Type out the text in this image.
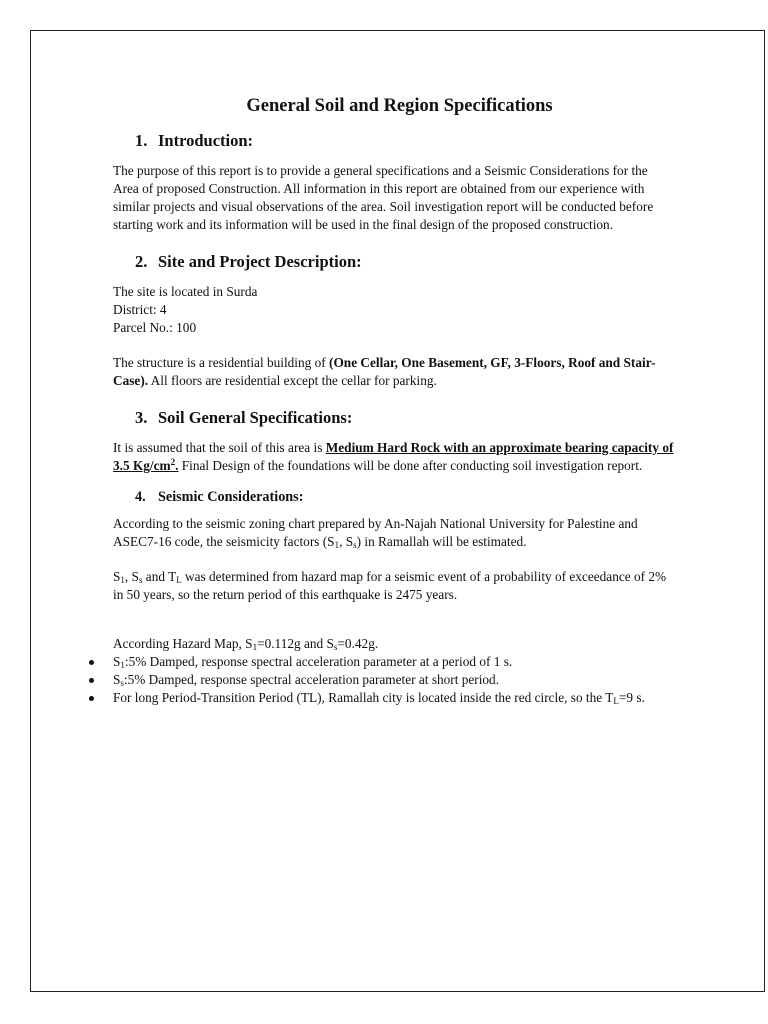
General Soil and Region Specifications
1. Introduction:

The purpose of this report is to provide a general specifications and a Seismic Considerations for the Area of proposed Construction. All information in this report are obtained from our experience with similar projects and visual observations of the area. Soil investigation report will be conducted before starting work and its information will be used in the final design of the proposed construction.

2. Site and Project Description:

The site is located in Surda

District: 4

Parcel No.: 100

The structure is a residential building of (One Cellar, One Basement, GF, 3-Floors, Roof and Stair-Case). All floors are residential except the cellar for parking.

3. Soil General Specifications:

It is assumed that the soil of this area is Medium Hard Rock with an approximate bearing capacity of 3.5 $Kg/cm^2$. Final Design of the foundations will be done after conducting soil investigation report.

4. Seismic Considerations:

According to the seismic zoning chart prepared by An-Najah National University for Palestine and ASEC7-16 code, the seismicity factors ($S_1$, $S_s$) in Ramallah will be estimated.

$S_1$, $S_s$ and $T_L$ was determined from hazard map for a seismic event of a probability of exceedance of 2% in 50 years, so the return period of this earthquake is 2475 years.

According Hazard Map, $S_1=0.112g$ and $S_s=0.42g$.

$S_1:5\%$ Damped, response spectral acceleration parameter at a period of 1 s.
$S_s:5\%$ Damped, response spectral acceleration parameter at short period.
For long Period-Transition Period (TL), Ramallah city is located inside the red circle, so the $T_L=9$ s.
